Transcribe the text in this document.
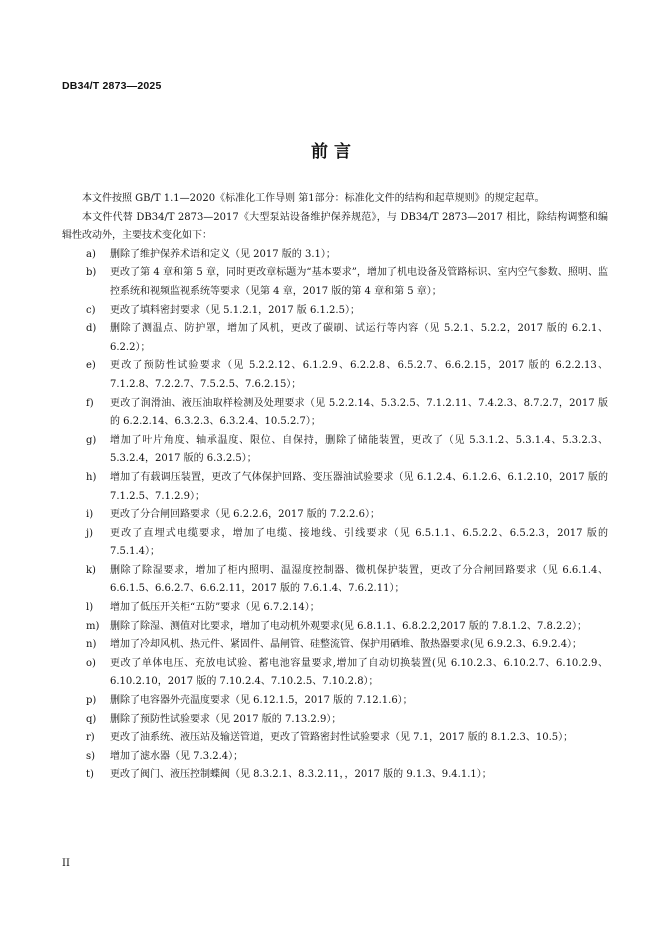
DB34/T 2873—2025
前 言

本文件按照 GB/T 1.1—2020《标准化工作导则 第1部分：标准化文件的结构和起草规则》的规定起草。

本文件代替 DB34/T 2873—2017《大型泵站设备维护保养规范》，与 DB34/T 2873—2017 相比，除结构调整和编辑性改动外，主要技术变化如下：

a)	删除了维护保养术语和定义（见 2017 版的 3.1）；
b)	更改了第 4 章和第 5 章，同时更改章标题为“基本要求”，增加了机电设备及管路标识、室内空气参数、照明、监控系统和视频监视系统等要求（见第 4 章，2017 版的第 4 章和第 5 章）；
c)	更改了填料密封要求（见 5.1.2.1，2017 版 6.1.2.5）；
d)	删除了测温点、防护罩，增加了风机，更改了碳刷、试运行等内容（见 5.2.1、5.2.2，2017 版的 6.2.1、6.2.2）；
e)	更改了预防性试验要求（见 5.2.2.12、6.1.2.9、6.2.2.8、6.5.2.7、6.6.2.15，2017 版的 6.2.2.13、7.1.2.8、7.2.2.7、7.5.2.5、7.6.2.15）；
f)	更改了润滑油、液压油取样检测及处理要求（见 5.2.2.14、5.3.2.5、7.1.2.11、7.4.2.3、8.7.2.7，2017 版的 6.2.2.14、6.3.2.3、6.3.2.4、10.5.2.7）；
g)	增加了叶片角度、轴承温度、限位、自保持，删除了储能装置，更改了（见 5.3.1.2、5.3.1.4、5.3.2.3、5.3.2.4，2017 版的 6.3.2.5）；
h)	增加了有载调压装置，更改了气体保护回路、变压器油试验要求（见 6.1.2.4、6.1.2.6、6.1.2.10，2017 版的 7.1.2.5、7.1.2.9）；
i)	更改了分合闸回路要求（见 6.2.2.6，2017 版的 7.2.2.6）；
j)	更改了直埋式电缆要求，增加了电缆、接地线、引线要求（见 6.5.1.1、6.5.2.2、6.5.2.3，2017 版的 7.5.1.4）；
k)	删除了除湿要求，增加了柜内照明、温湿度控制器、微机保护装置，更改了分合闸回路要求（见 6.6.1.4、6.6.1.5、6.6.2.7、6.6.2.11，2017 版的 7.6.1.4、7.6.2.11）；
l)	增加了低压开关柜“五防”要求（见 6.7.2.14）；
m)	删除了除湿、测值对比要求，增加了电动机外观要求(见 6.8.1.1、6.8.2.2,2017 版的 7.8.1.2、7.8.2.2）；
n)	增加了冷却风机、热元件、紧固件、晶闸管、硅整流管、保护用硒堆、散热器要求(见 6.9.2.3、6.9.2.4）；
o)	更改了单体电压、充放电试验、蓄电池容量要求,增加了自动切换装置(见 6.10.2.3、6.10.2.7、6.10.2.9、6.10.2.10，2017 版的 7.10.2.4、7.10.2.5、7.10.2.8）；
p)	删除了电容器外壳温度要求（见 6.12.1.5，2017 版的 7.12.1.6）；
q)	删除了预防性试验要求（见 2017 版的 7.13.2.9）；
r)	更改了油系统、液压站及输送管道，更改了管路密封性试验要求（见 7.1，2017 版的 8.1.2.3、10.5）；
s)	增加了滤水器（见 7.3.2.4）；
t)	更改了阀门、液压控制蝶阀（见 8.3.2.1、8.3.2.11，，2017 版的 9.1.3、9.4.1.1）；
II
